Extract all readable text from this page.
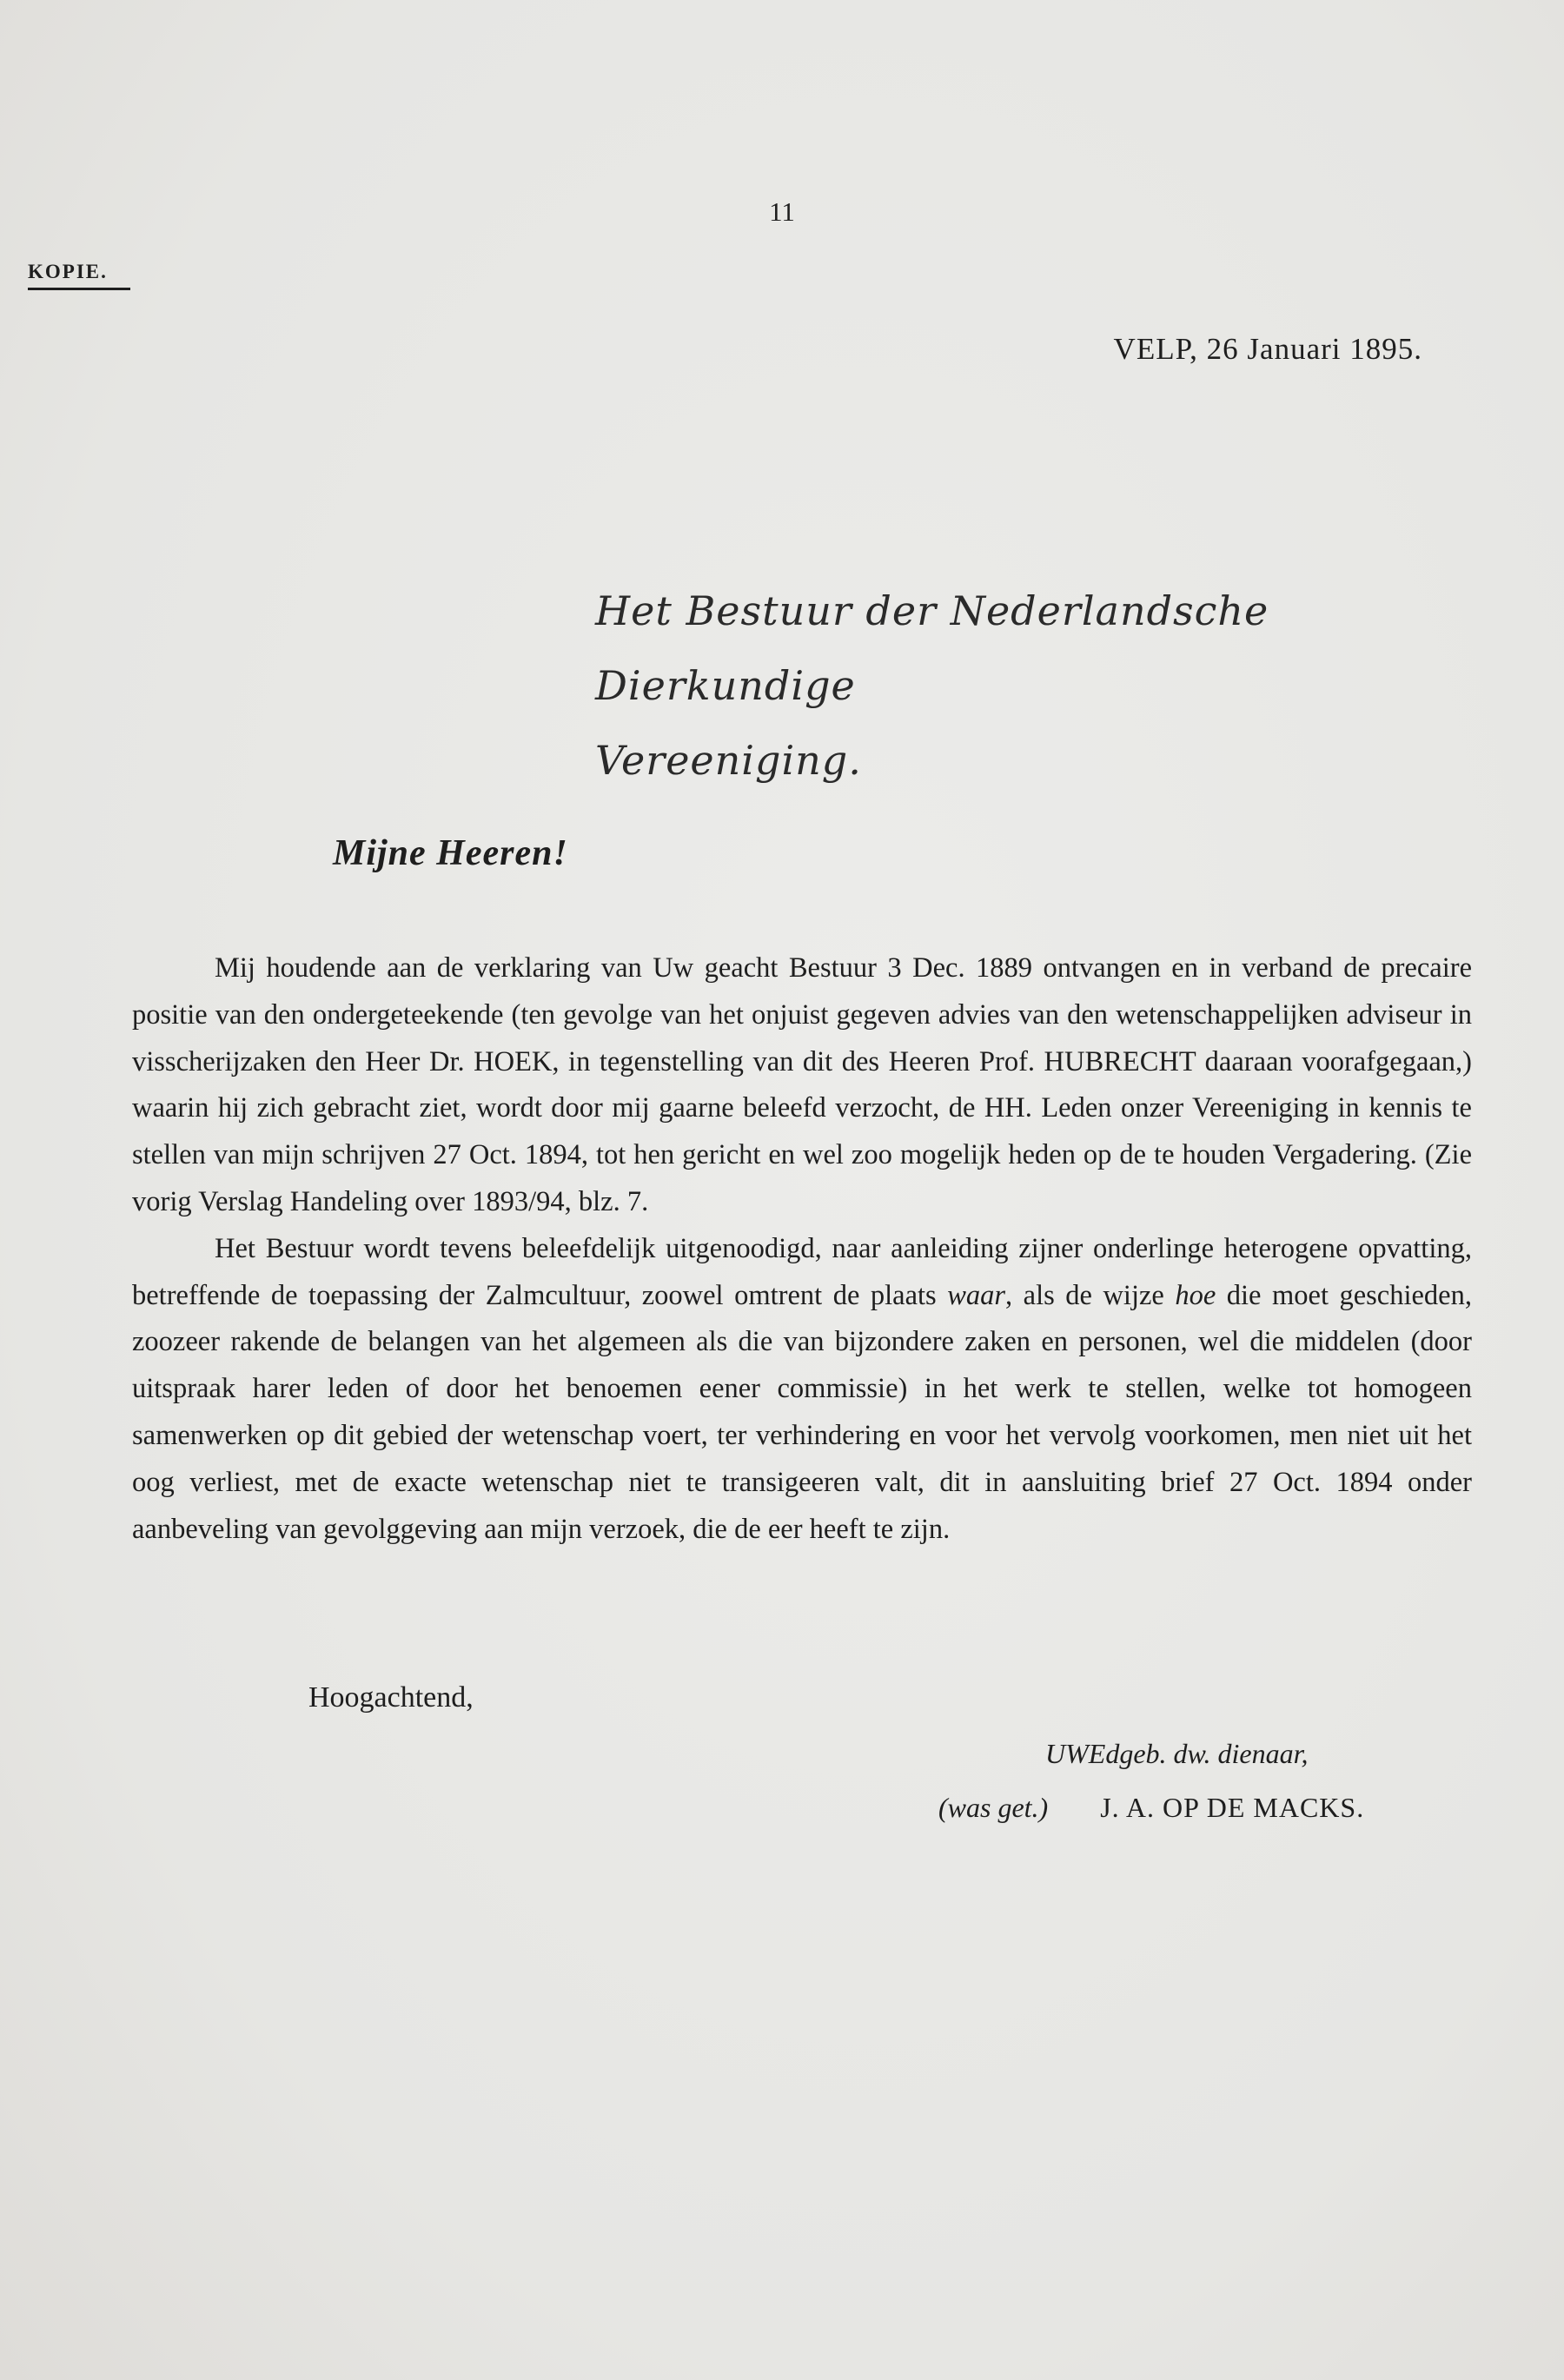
11
KOPIE.
VELP, 26 Januari 1895.
Het Bestuur der Nederlandsche Dierkundige
Vereeniging.
Mijne Heeren!

Mij houdende aan de verklaring van Uw geacht Bestuur 3 Dec. 1889 ontvangen en in verband de precaire positie van den ondergeteekende (ten gevolge van het onjuist gegeven advies van den wetenschappelijken adviseur in visscherijzaken den Heer Dr. HOEK, in tegenstelling van dit des Heeren Prof. HUBRECHT daaraan voorafgegaan,) waarin hij zich gebracht ziet, wordt door mij gaarne beleefd verzocht, de HH. Leden onzer Vereeniging in kennis te stellen van mijn schrijven 27 Oct. 1894, tot hen gericht en wel zoo mogelijk heden op de te houden Vergadering. (Zie vorig Verslag Handeling over 1893/94, blz. 7.

Het Bestuur wordt tevens beleefdelijk uitgenoodigd, naar aanleiding zijner onderlinge heterogene opvatting, betreffende de toepassing der Zalmcultuur, zoowel omtrent de plaats waar, als de wijze hoe die moet geschieden, zoozeer rakende de belangen van het algemeen als die van bijzondere zaken en personen, wel die middelen (door uitspraak harer leden of door het benoemen eener commissie) in het werk te stellen, welke tot homogeen samenwerken op dit gebied der wetenschap voert, ter verhindering en voor het vervolg voorkomen, men niet uit het oog verliest, met de exacte wetenschap niet te transigeeren valt, dit in aansluiting brief 27 Oct. 1894 onder aanbeveling van gevolggeving aan mijn verzoek, die de eer heeft te zijn.

Hoogachtend,
UWEdgeb. dw. dienaar,
(was get.) J. A. OP DE MACKS.
